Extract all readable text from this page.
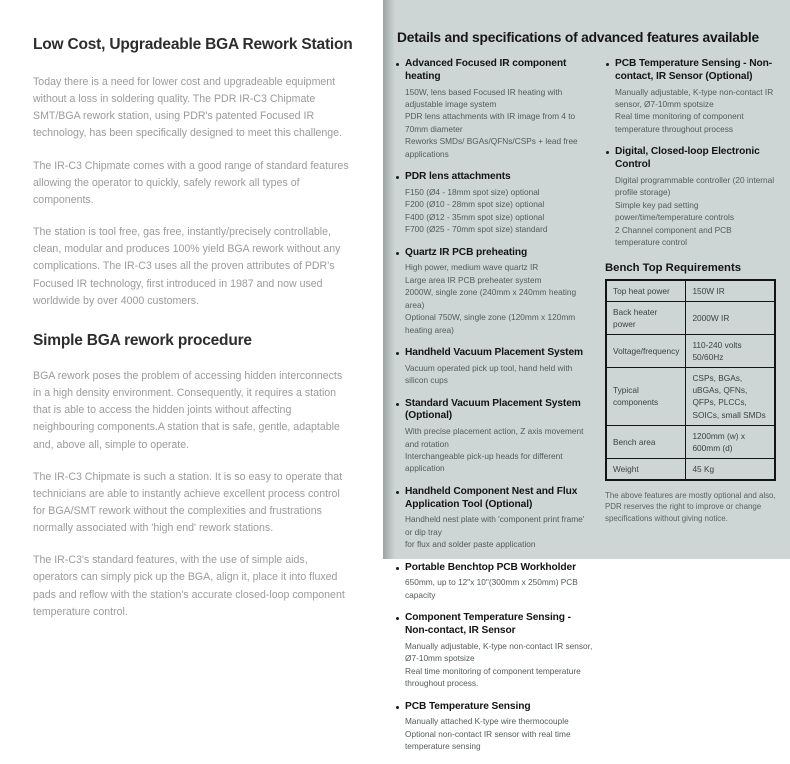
Low Cost, Upgradeable BGA Rework Station

Today there is a need for lower cost and upgradeable equipment without a loss in soldering quality. The PDR IR-C3 Chipmate SMT/BGA rework station, using PDR's patented Focused IR technology, has been specifically designed to meet this challenge.

The IR-C3 Chipmate comes with a good range of standard features allowing the operator to quickly, safely rework all types of components.

The station is tool free, gas free, instantly/precisely controllable, clean, modular and produces 100% yield BGA rework without any complications. The IR-C3 uses all the proven attributes of PDR's Focused IR technology, first introduced in 1987 and now used worldwide by over 4000 customers.

Simple BGA rework procedure

BGA rework poses the problem of accessing hidden interconnects in a high density environment. Consequently, it requires a station that is able to access the hidden joints without affecting neighbouring components.A station that is safe, gentle, adaptable and, above all, simple to operate.

The IR-C3 Chipmate is such a station. It is so easy to operate that technicians are able to instantly achieve excellent process control for BGA/SMT rework without the complexities and frustrations normally associated with 'high end' rework stations.

The IR-C3's standard features, with the use of simple aids, operators can simply pick up the BGA, align it, place it into fluxed pads and reflow with the station's accurate closed-loop component temperature control.

Details and specifications of advanced features available
Advanced Focused IR component heating
150W, lens based Focused IR heating with adjustable image system
PDR lens attachments with IR image from 4 to 70mm diameter
Reworks SMDs/ BGAs/QFNs/CSPs + lead free applications
PDR lens attachments
F150 (Ø4 - 18mm spot size) optional
F200 (Ø10 - 28mm spot size) optional
F400 (Ø12 - 35mm spot size) optional
F700 (Ø25 - 70mm spot size) standard
Quartz IR PCB preheating
High power, medium wave quartz IR
Large area IR PCB preheater system
2000W, single zone (240mm x 240mm heating area)
Optional 750W, single zone (120mm x 120mm heating area)
Handheld Vacuum Placement System
Vacuum operated pick up tool, hand held with silicon cups
Standard Vacuum Placement System (Optional)
With precise placement action, Z axis movement and rotation
Interchangeable pick-up heads for different application
Handheld Component Nest and Flux Application Tool (Optional)
Handheld nest plate with 'component print frame' or dip tray
for flux and solder paste application
Portable Benchtop PCB Workholder
650mm, up to 12"x 10"(300mm x 250mm) PCB capacity
Component Temperature Sensing - Non-contact, IR Sensor
Manually adjustable, K-type non-contact IR sensor, Ø7-10mm spotsize
Real time monitoring of component temperature throughout process.
PCB Temperature Sensing
Manually attached K-type wire thermocouple
Optional non-contact IR sensor with real time temperature sensing
PCB Temperature Sensing - Non-contact, IR Sensor (Optional)
Manually adjustable, K-type non-contact IR sensor, Ø7-10mm spotsize
Real time monitoring of component temperature throughout process
Digital, Closed-loop Electronic Control
Digital programmable controller (20 internal profile storage)
Simple key pad setting power/time/temperature controls
2 Channel component and PCB temperature control
Bench Top Requirements
Top heat power	150W IR
Back heater power	2000W IR
Voltage/frequency	110-240 volts 50/60Hz
Typical components	CSPs, BGAs, uBGAs, QFNs, QFPs, PLCCs, SOICs, small SMDs
Bench area	1200mm (w) x 600mm (d)
Weight	45 Kg
The above features are mostly optional and also, PDR reserves the right to improve or change specifications without giving notice.
